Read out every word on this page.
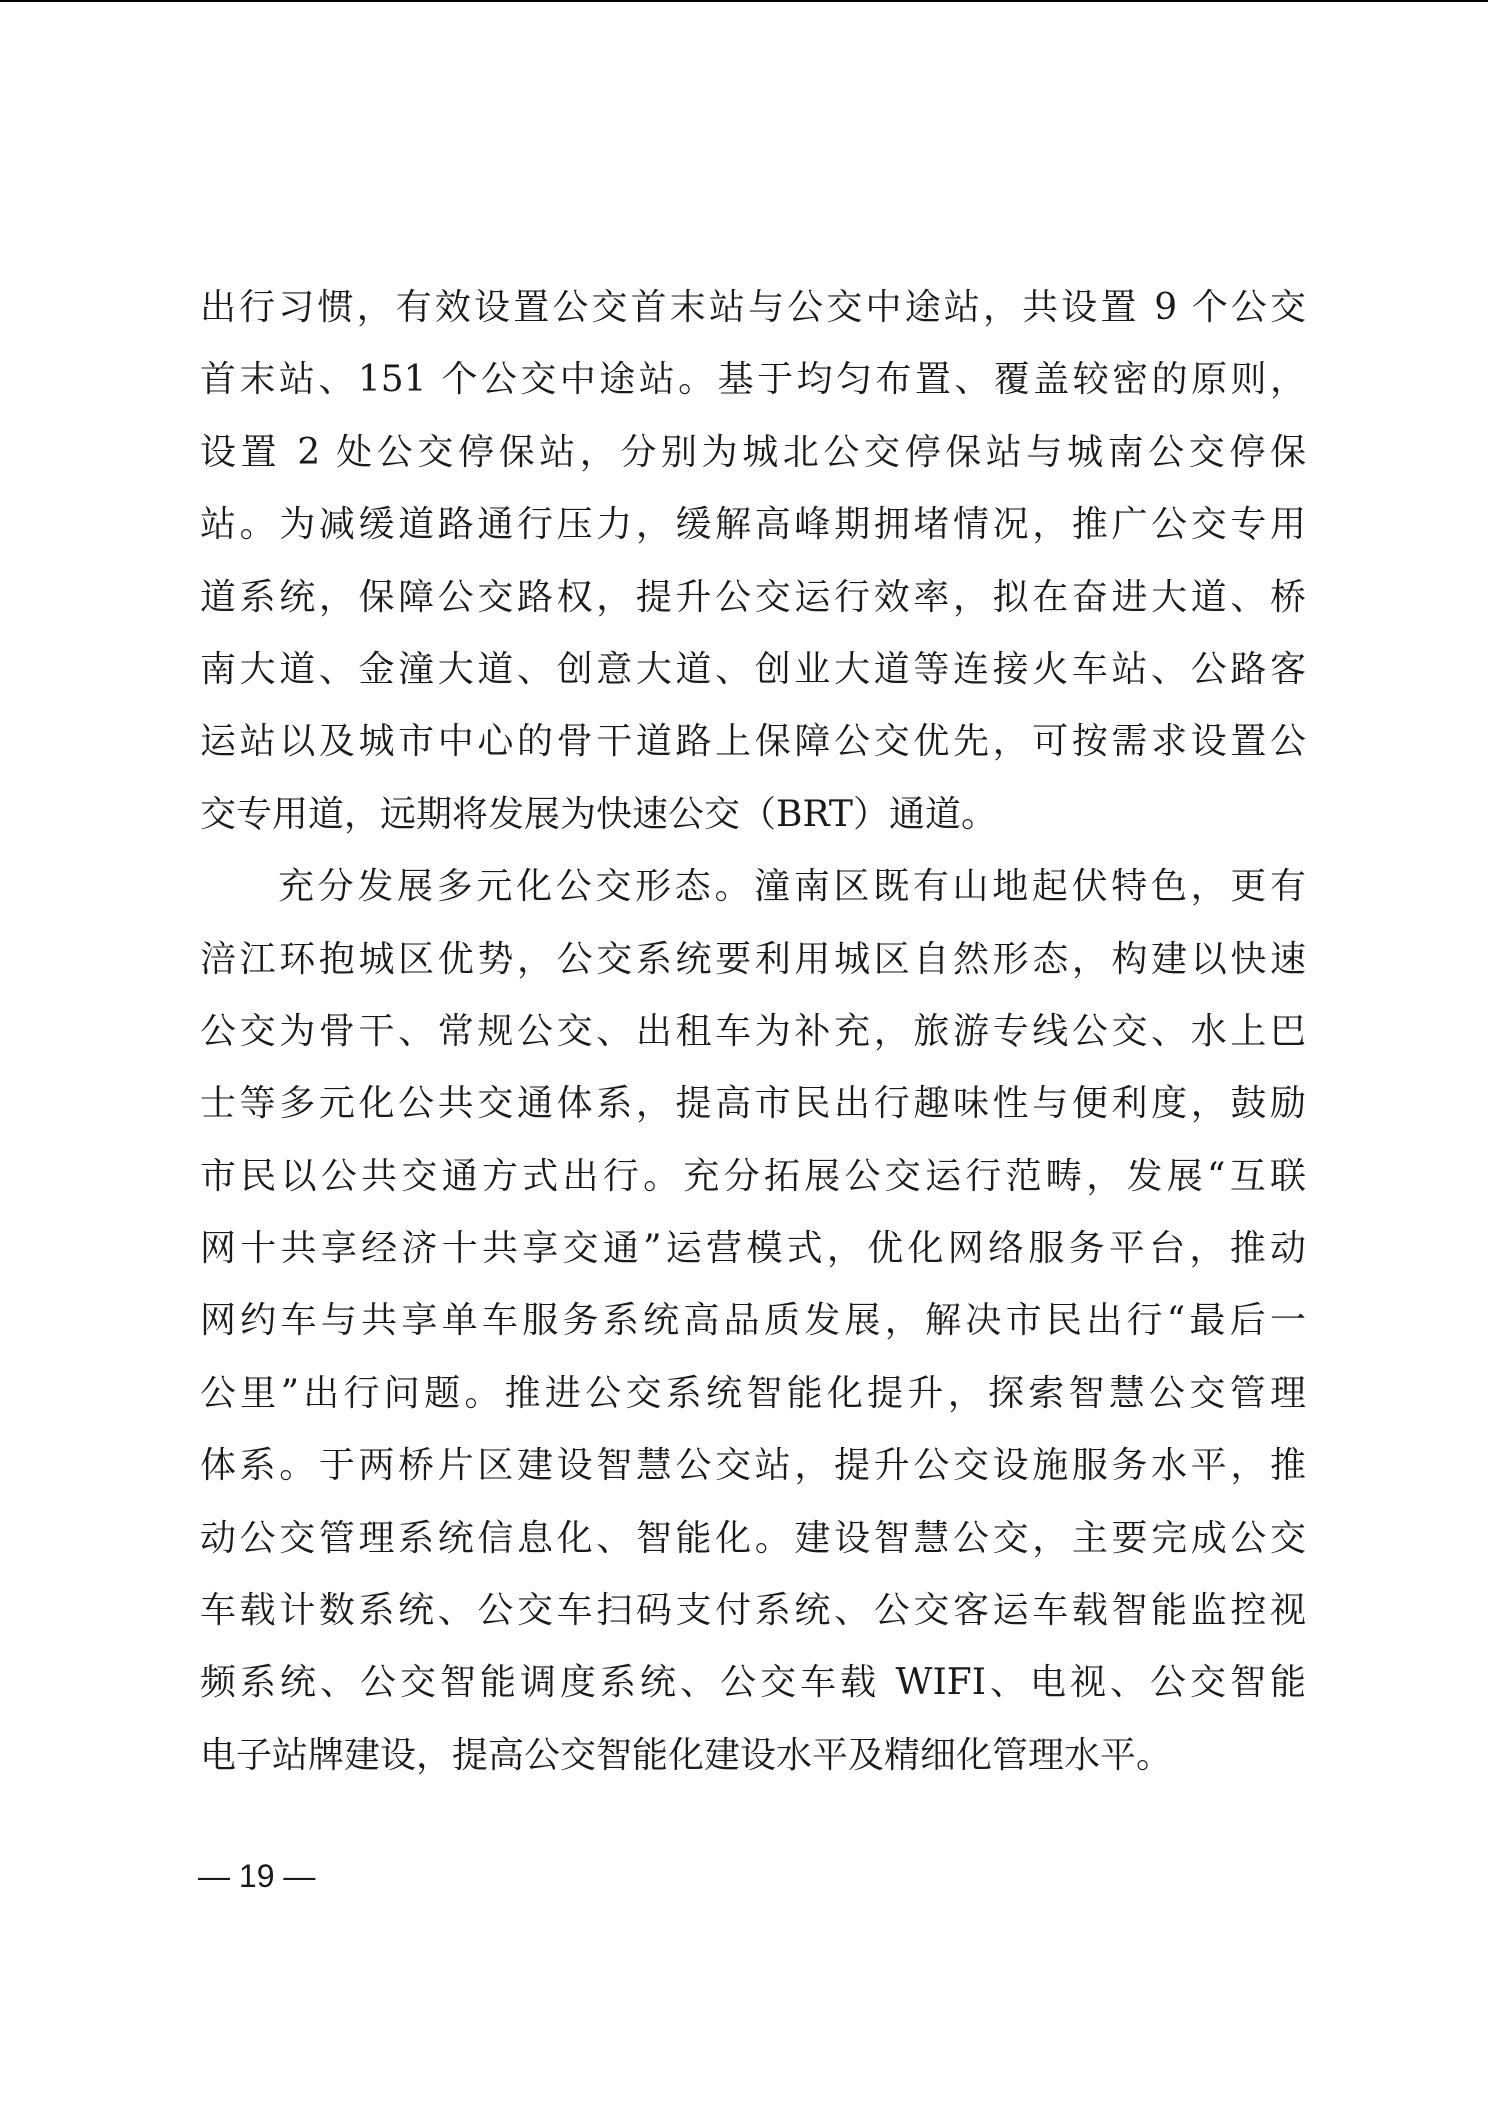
出行习惯，有效设置公交首末站与公交中途站，共设置 9 个公交
首末站、151 个公交中途站。基于均匀布置、覆盖较密的原则，
设置 2 处公交停保站，分别为城北公交停保站与城南公交停保
站。为减缓道路通行压力，缓解高峰期拥堵情况，推广公交专用
道系统，保障公交路权，提升公交运行效率，拟在奋进大道、桥
南大道、金潼大道、创意大道、创业大道等连接火车站、公路客
运站以及城市中心的骨干道路上保障公交优先，可按需求设置公
交专用道，远期将发展为快速公交（BRT）通道。
充分发展多元化公交形态。潼南区既有山地起伏特色，更有
涪江环抱城区优势，公交系统要利用城区自然形态，构建以快速
公交为骨干、常规公交、出租车为补充，旅游专线公交、水上巴
士等多元化公共交通体系，提高市民出行趣味性与便利度，鼓励
市民以公共交通方式出行。充分拓展公交运行范畴，发展“互联
网十共享经济十共享交通”运营模式，优化网络服务平台，推动
网约车与共享单车服务系统高品质发展，解决市民出行“最后一
公里”出行问题。推进公交系统智能化提升，探索智慧公交管理
体系。于两桥片区建设智慧公交站，提升公交设施服务水平，推
动公交管理系统信息化、智能化。建设智慧公交，主要完成公交
车载计数系统、公交车扫码支付系统、公交客运车载智能监控视
频系统、公交智能调度系统、公交车载 WIFI、电视、公交智能
电子站牌建设，提高公交智能化建设水平及精细化管理水平。
— 19 —
